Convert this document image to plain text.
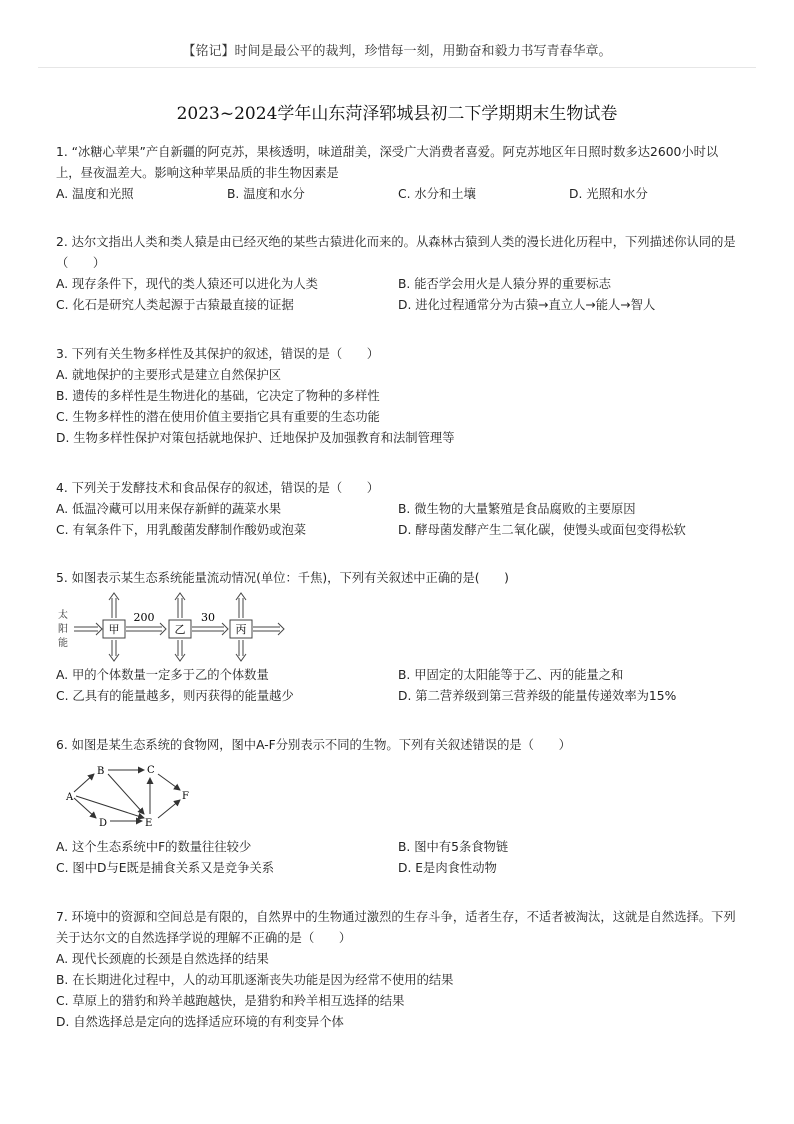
【铭记】时间是最公平的裁判，珍惜每一刻，用勤奋和毅力书写青春华章。
2023~2024学年山东菏泽郓城县初二下学期期末生物试卷
1. “冰糖心苹果”产自新疆的阿克苏，果核透明，味道甜美，深受广大消费者喜爱。阿克苏地区年日照时数多达2600小时以上，昼夜温差大。影响这种苹果品质的非生物因素是
A. 温度和光照	B. 温度和水分	C. 水分和土壤	D. 光照和水分
2. 达尔文指出人类和类人猿是由已经灭绝的某些古猿进化而来的。从森林古猿到人类的漫长进化历程中，下列描述你认同的是（　　）
A. 现存条件下，现代的类人猿还可以进化为人类	B. 能否学会用火是人猿分界的重要标志
C. 化石是研究人类起源于古猿最直接的证据	D. 进化过程通常分为古猿→直立人→能人→智人
3. 下列有关生物多样性及其保护的叙述，错误的是（　　）
A. 就地保护的主要形式是建立自然保护区
B. 遗传的多样性是生物进化的基础，它决定了物种的多样性
C. 生物多样性的潜在使用价值主要指它具有重要的生态功能
D. 生物多样性保护对策包括就地保护、迁地保护及加强教育和法制管理等
4. 下列关于发酵技术和食品保存的叙述，错误的是（　　）
A. 低温冷藏可以用来保存新鲜的蔬菜水果	B. 微生物的大量繁殖是食品腐败的主要原因
C. 有氧条件下，用乳酸菌发酵制作酸奶或泡菜	D. 酵母菌发酵产生二氧化碳，使馒头或面包变得松软
5. 如图表示某生态系统能量流动情况(单位：千焦)，下列有关叙述中正确的是(　　)
太
阳
能
甲	乙	丙
200	30
A. 甲的个体数量一定多于乙的个体数量	B. 甲固定的太阳能等于乙、丙的能量之和
C. 乙具有的能量越多，则丙获得的能量越少	D. 第二营养级到第三营养级的能量传递效率为15%
6. 如图是某生态系统的食物网，图中A-F分别表示不同的生物。下列有关叙述错误的是（　　）
A
B	C
D	E
F
A. 这个生态系统中F的数量往往较少	B. 图中有5条食物链
C. 图中D与E既是捕食关系又是竞争关系	D. E是肉食性动物
7. 环境中的资源和空间总是有限的，自然界中的生物通过激烈的生存斗争，适者生存，不适者被淘汰，这就是自然选择。下列关于达尔文的自然选择学说的理解不正确的是（　　）
A. 现代长颈鹿的长颈是自然选择的结果
B. 在长期进化过程中，人的动耳肌逐渐丧失功能是因为经常不使用的结果
C. 草原上的猎豹和羚羊越跑越快，是猎豹和羚羊相互选择的结果
D. 自然选择总是定向的选择适应环境的有利变异个体
